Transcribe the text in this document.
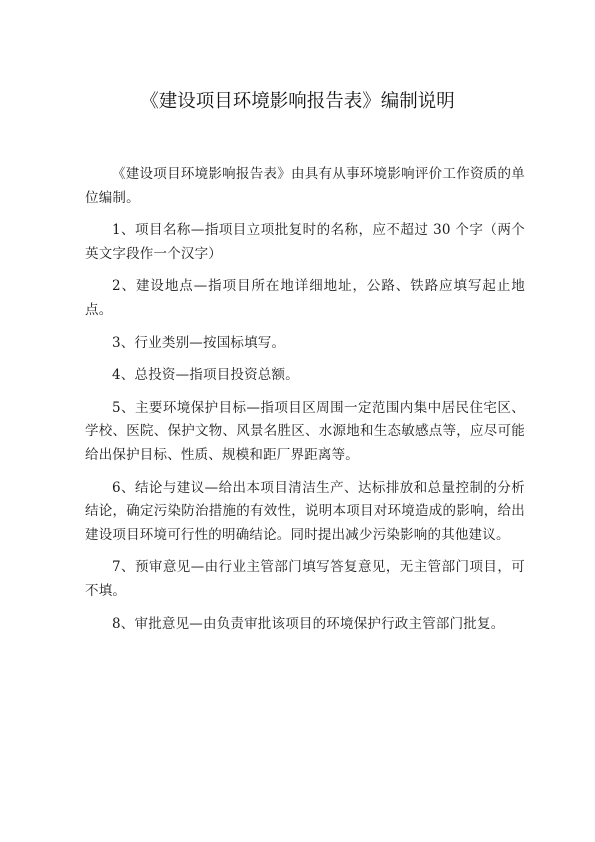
《建设项目环境影响报告表》编制说明

《建设项目环境影响报告表》由具有从事环境影响评价工作资质的单位编制。

1、项目名称—指项目立项批复时的名称，应不超过 30 个字（两个英文字段作一个汉字）

2、建设地点—指项目所在地详细地址，公路、铁路应填写起止地点。

3、行业类别—按国标填写。

4、总投资—指项目投资总额。

5、主要环境保护目标—指项目区周围一定范围内集中居民住宅区、学校、医院、保护文物、风景名胜区、水源地和生态敏感点等，应尽可能给出保护目标、性质、规模和距厂界距离等。

6、结论与建议—给出本项目清洁生产、达标排放和总量控制的分析结论，确定污染防治措施的有效性，说明本项目对环境造成的影响，给出建设项目环境可行性的明确结论。同时提出减少污染影响的其他建议。

7、预审意见—由行业主管部门填写答复意见，无主管部门项目，可不填。

8、审批意见—由负责审批该项目的环境保护行政主管部门批复。
